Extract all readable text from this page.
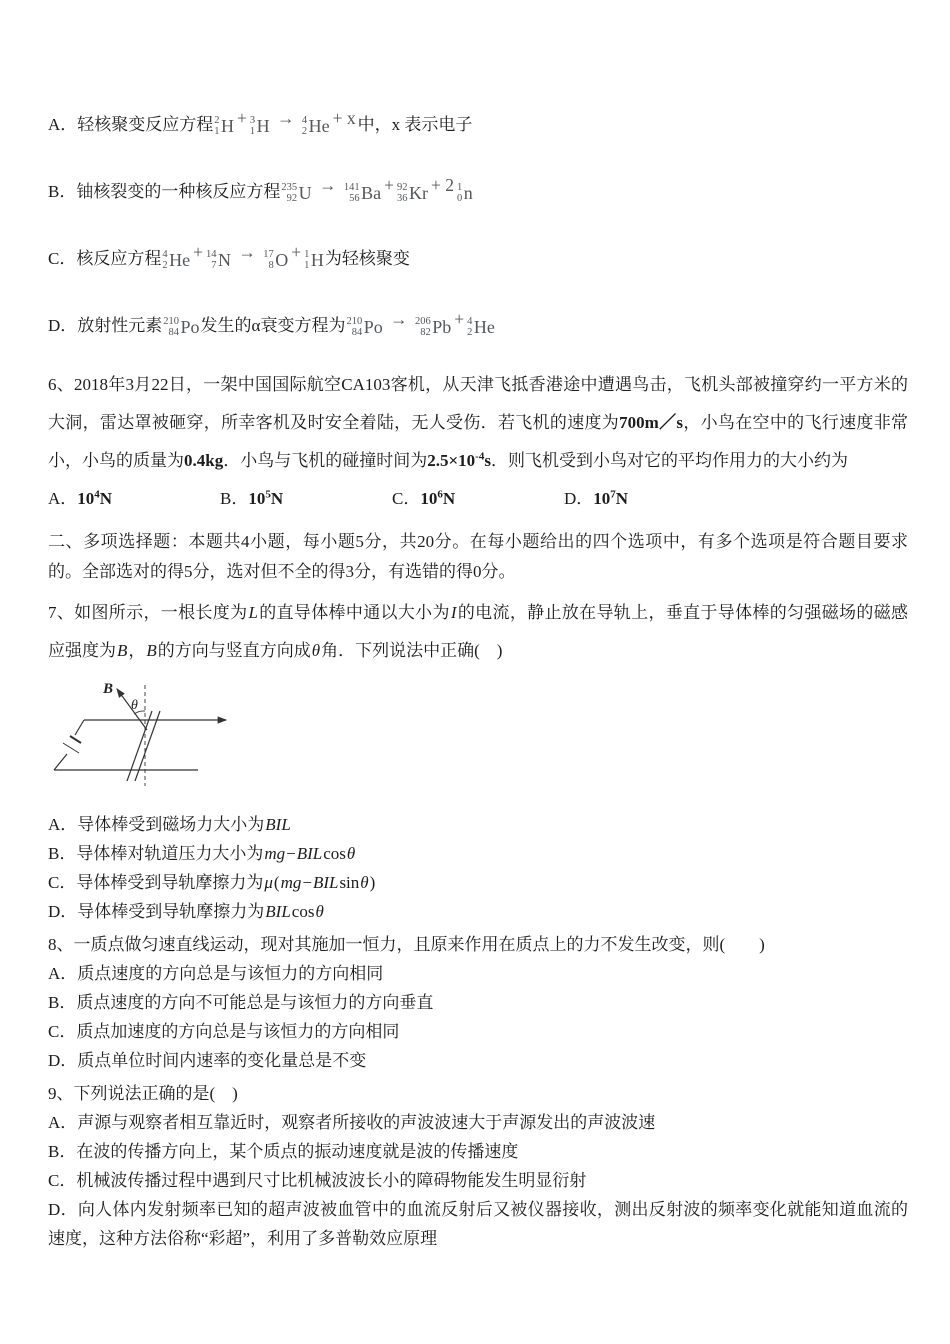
A．轻核聚变反应方程 2
1 H + 3
1 H → 4
2 He + x 中，x 表示电子

B．铀核裂变的一种核反应方程 235
92 U → 141
56 Ba + 92
36 Kr + 2 1
0 n

C．核反应方程 4
2 He + 14
7 N → 17
8 O + 1
1 H 为轻核聚变

D．放射性元素 210
84 Po 发生的α衰变方程为 210
84 Po → 206
82 Pb + 4
2 He

6、2018年3月22日，一架中国国际航空CA103客机，从天津飞抵香港途中遭遇鸟击，飞机头部被撞穿约一平方米的大洞，雷达罩被砸穿，所幸客机及时安全着陆，无人受伤．若飞机的速度为700m／s，小鸟在空中的飞行速度非常小，小鸟的质量为0.4kg．小鸟与飞机的碰撞时间为$2.5\times 10^{-4}s$．则飞机受到小鸟对它的平均作用力的大小约为

A．$10^4N$	B．$10^5N$	C．$10^6N$	D．$10^7N$

二、多项选择题：本题共4小题，每小题5分，共20分。在每小题给出的四个选项中，有多个选项是符合题目要求的。全部选对的得5分，选对但不全的得3分，有选错的得0分。

7、如图所示，一根长度为L的直导体棒中通以大小为I的电流，静止放在导轨上，垂直于导体棒的匀强磁场的磁感应强度为B，B的方向与竖直方向成θ角．下列说法中正确(　)

B
θ

A．导体棒受到磁场力大小为BIL

B．导体棒对轨道压力大小为mg−BILcosθ

C．导体棒受到导轨摩擦力为μ(mg−BILsinθ)

D．导体棒受到导轨摩擦力为BILcosθ

8、一质点做匀速直线运动，现对其施加一恒力，且原来作用在质点上的力不发生改变，则(　　)

A．质点速度的方向总是与该恒力的方向相同

B．质点速度的方向不可能总是与该恒力的方向垂直

C．质点加速度的方向总是与该恒力的方向相同

D．质点单位时间内速率的变化量总是不变

9、下列说法正确的是(　)

A．声源与观察者相互靠近时，观察者所接收的声波波速大于声源发出的声波波速

B．在波的传播方向上，某个质点的振动速度就是波的传播速度

C．机械波传播过程中遇到尺寸比机械波波长小的障碍物能发生明显衍射

D．向人体内发射频率已知的超声波被血管中的血流反射后又被仪器接收，测出反射波的频率变化就能知道血流的速度，这种方法俗称“彩超”，利用了多普勒效应原理
